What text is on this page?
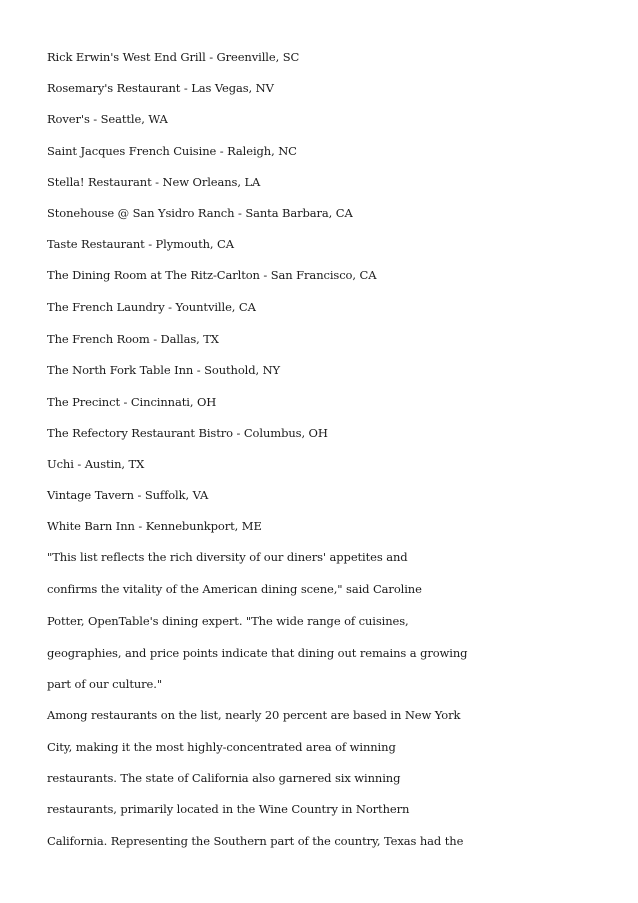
Rick Erwin's West End Grill - Greenville, SC

Rosemary's Restaurant - Las Vegas, NV

Rover's - Seattle, WA

Saint Jacques French Cuisine - Raleigh, NC

Stella! Restaurant - New Orleans, LA

Stonehouse @ San Ysidro Ranch - Santa Barbara, CA

Taste Restaurant - Plymouth, CA

The Dining Room at The Ritz-Carlton - San Francisco, CA

The French Laundry - Yountville, CA

The French Room - Dallas, TX

The North Fork Table Inn - Southold, NY

The Precinct - Cincinnati, OH

The Refectory Restaurant Bistro - Columbus, OH

Uchi - Austin, TX

Vintage Tavern - Suffolk, VA

White Barn Inn - Kennebunkport, ME

"This list reflects the rich diversity of our diners' appetites and

confirms the vitality of the American dining scene," said Caroline

Potter, OpenTable's dining expert. "The wide range of cuisines,

geographies, and price points indicate that dining out remains a growing

part of our culture."

Among restaurants on the list, nearly 20 percent are based in New York

City, making it the most highly-concentrated area of winning

restaurants. The state of California also garnered six winning

restaurants, primarily located in the Wine Country in Northern

California. Representing the Southern part of the country, Texas had the
